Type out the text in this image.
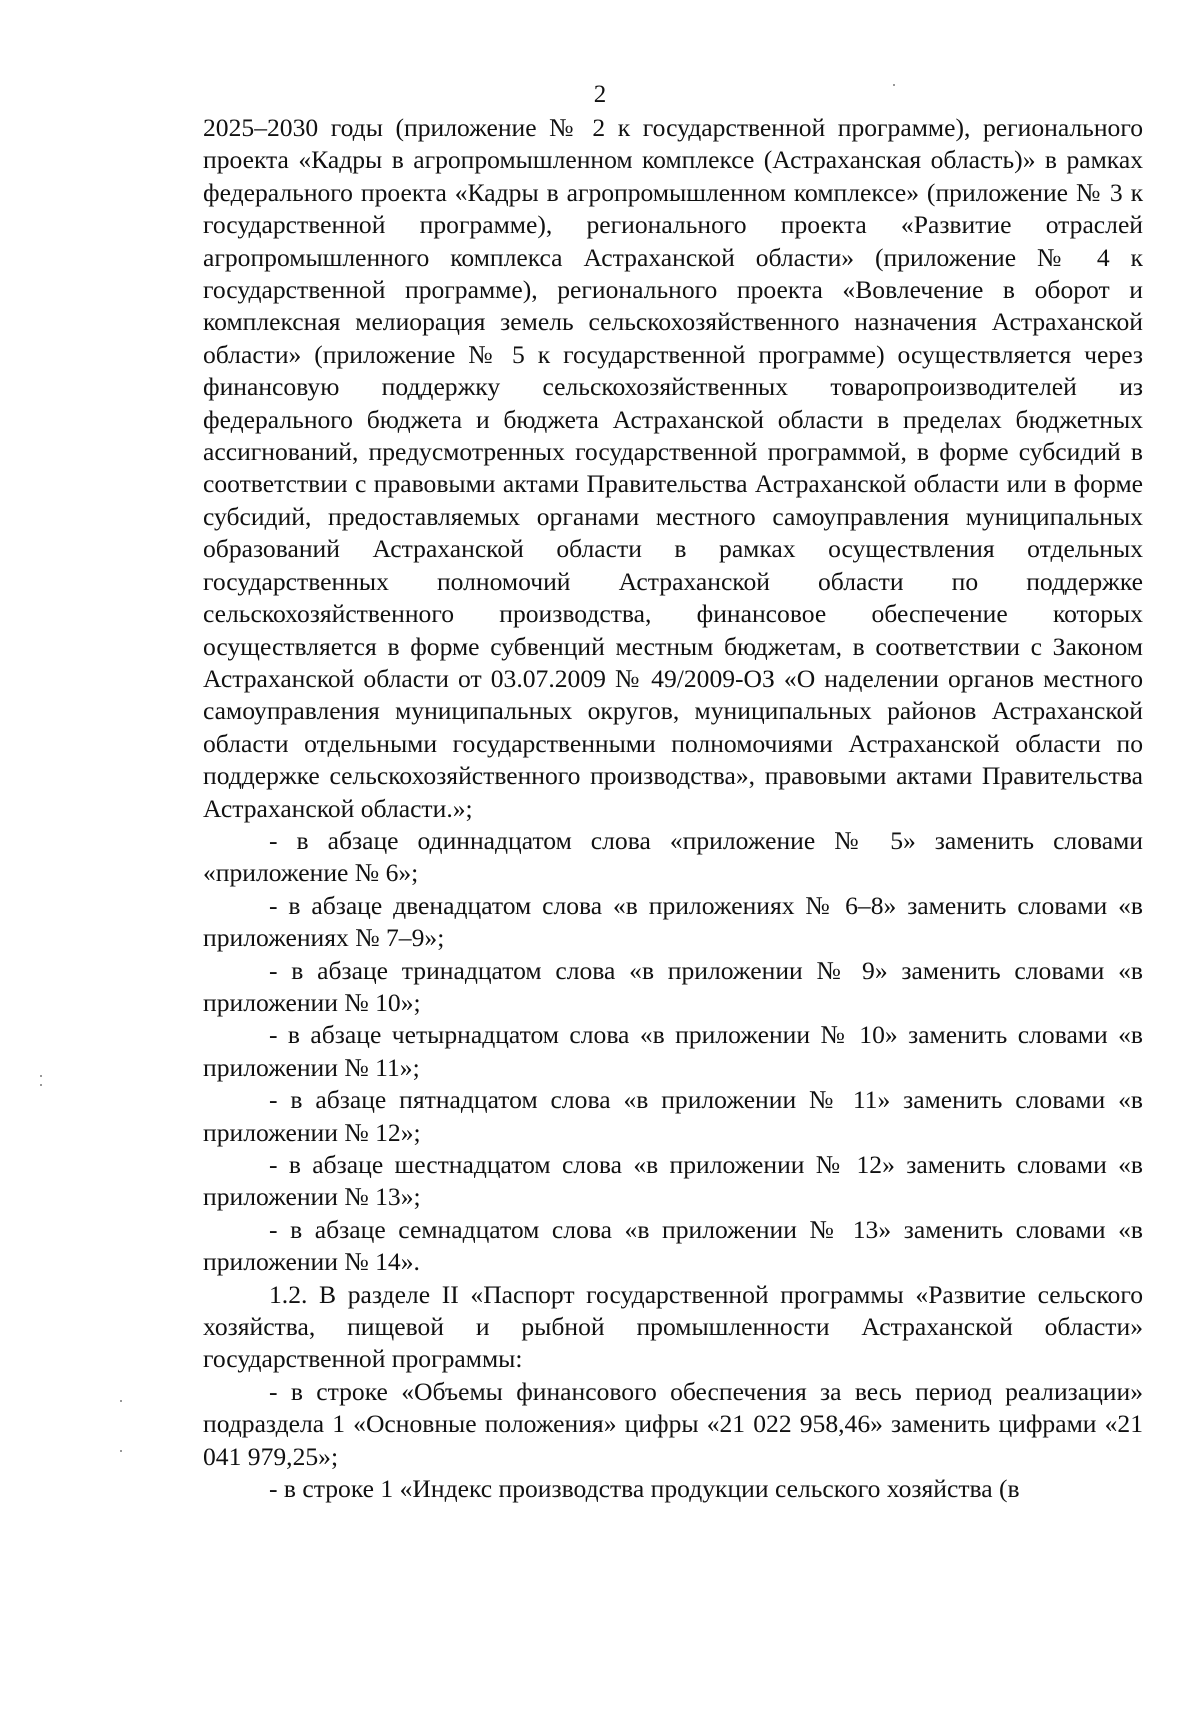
2

2025–2030 годы (приложение № 2 к государственной программе), регионального проекта «Кадры в агропромышленном комплексе (Астраханская область)» в рамках федерального проекта «Кадры в агропромышленном комплексе» (приложение № 3 к государственной программе), регионального проекта «Развитие отраслей агропромышленного комплекса Астраханской области» (приложение № 4 к государственной программе), регионального проекта «Вовлечение в оборот и комплексная мелиорация земель сельскохозяйственного назначения Астраханской области» (приложение № 5 к государственной программе) осуществляется через финансовую поддержку сельскохозяйственных товаропроизводителей из федерального бюджета и бюджета Астраханской области в пределах бюджетных ассигнований, предусмотренных государственной программой, в форме субсидий в соответствии с правовыми актами Правительства Астраханской области или в форме субсидий, предоставляемых органами местного самоуправления муниципальных образований Астраханской области в рамках осуществления отдельных государственных полномочий Астраханской области по поддержке сельскохозяйственного производства, финансовое обеспечение которых осуществляется в форме субвенций местным бюджетам, в соответствии с Законом Астраханской области от 03.07.2009 № 49/2009-ОЗ «О наделении органов местного самоуправления муниципальных округов, муниципальных районов Астраханской области отдельными государственными полномочиями Астраханской области по поддержке сельскохозяйственного производства», правовыми актами Правительства Астраханской области.»;

- в абзаце одиннадцатом слова «приложение № 5» заменить словами «приложение № 6»;

- в абзаце двенадцатом слова «в приложениях № 6–8» заменить словами «в приложениях № 7–9»;

- в абзаце тринадцатом слова «в приложении № 9» заменить словами «в приложении № 10»;

- в абзаце четырнадцатом слова «в приложении № 10» заменить словами «в приложении № 11»;

- в абзаце пятнадцатом слова «в приложении № 11» заменить словами «в приложении № 12»;

- в абзаце шестнадцатом слова «в приложении № 12» заменить словами «в приложении № 13»;

- в абзаце семнадцатом слова «в приложении № 13» заменить словами «в приложении № 14».

1.2. В разделе II «Паспорт государственной программы «Развитие сельского хозяйства, пищевой и рыбной промышленности Астраханской области» государственной программы:

- в строке «Объемы финансового обеспечения за весь период реализации» подраздела 1 «Основные положения» цифры «21 022 958,46» заменить цифрами «21 041 979,25»;

- в строке 1 «Индекс производства продукции сельского хозяйства (в
